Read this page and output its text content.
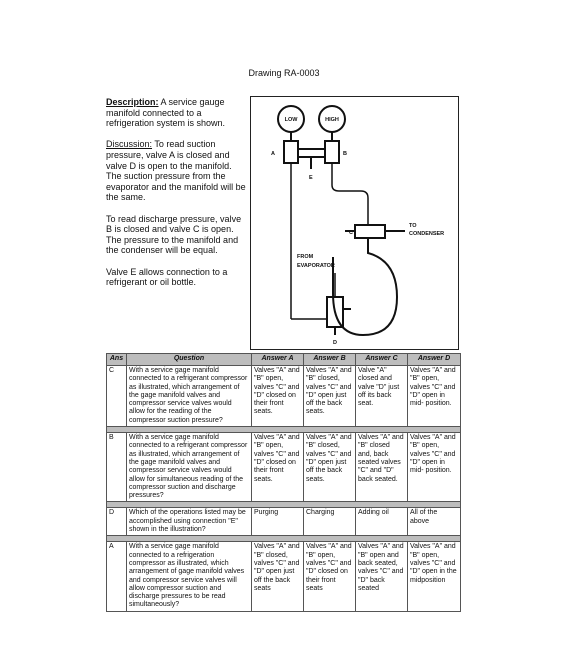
Drawing RA-0003

Description: A service gauge manifold connected to a refrigeration system is shown.

Discussion: To read suction pressure, valve A is closed and valve D is open to the manifold. The suction pressure from the evaporator and the manifold will be the same.

To read discharge pressure, valve B is closed and valve C is open. The pressure to the manifold and the condenser will be equal.

Valve E allows connection to a refrigerant or oil bottle.

LOW	HIGH
A	B
C
D
E
TO
CONDENSER
FROM
EVAPORATOR
Ans	Question	Answer A	Answer B	Answer C	Answer D
C	With a service gage manifold connected to a refrigerant compressor as illustrated, which arrangement of the gage manifold valves and compressor service valves would allow for the reading of the compressor suction pressure?	Valves "A" and "B" open, valves "C" and "D" closed on their front seats.	Valves "A" and "B" closed, valves "C" and "D" open just off the back seats.	Valve "A" closed and valve "D" just off its back seat.	Valves "A" and "B" open, valves "C" and "D" open in mid- position.

B	With a service gage manifold connected to a refrigerant compressor as illustrated, which arrangement of the gage manifold valves and compressor service valves would allow for simultaneous reading of the compressor suction and discharge pressures?	Valves "A" and "B" open, valves "C" and "D" closed on their front seats.	Valves "A" and "B" closed, valves "C" and "D" open just off the back seats.	Valves "A" and "B" closed and, back seated valves "C" and "D" back seated.	Valves "A" and "B" open, valves "C" and "D" open in mid- position.

D	Which of the operations listed may be accomplished using connection "E" shown in the illustration?	Purging	Charging	Adding oil	All of the above

A	With a service gage manifold connected to a refrigeration compressor as illustrated, which arrangement of gage manifold valves and compressor service valves will allow compressor suction and discharge pressures to be read simultaneously?	Valves "A" and "B" closed, valves "C" and "D" open just off the back seats	Valves "A" and "B" open, valves "C" and "D" closed on their front seats	Valves "A" and "B" open and back seated, valves "C" and "D" back seated	Valves "A" and "B" open, valves "C" and "D" open in the midposition
